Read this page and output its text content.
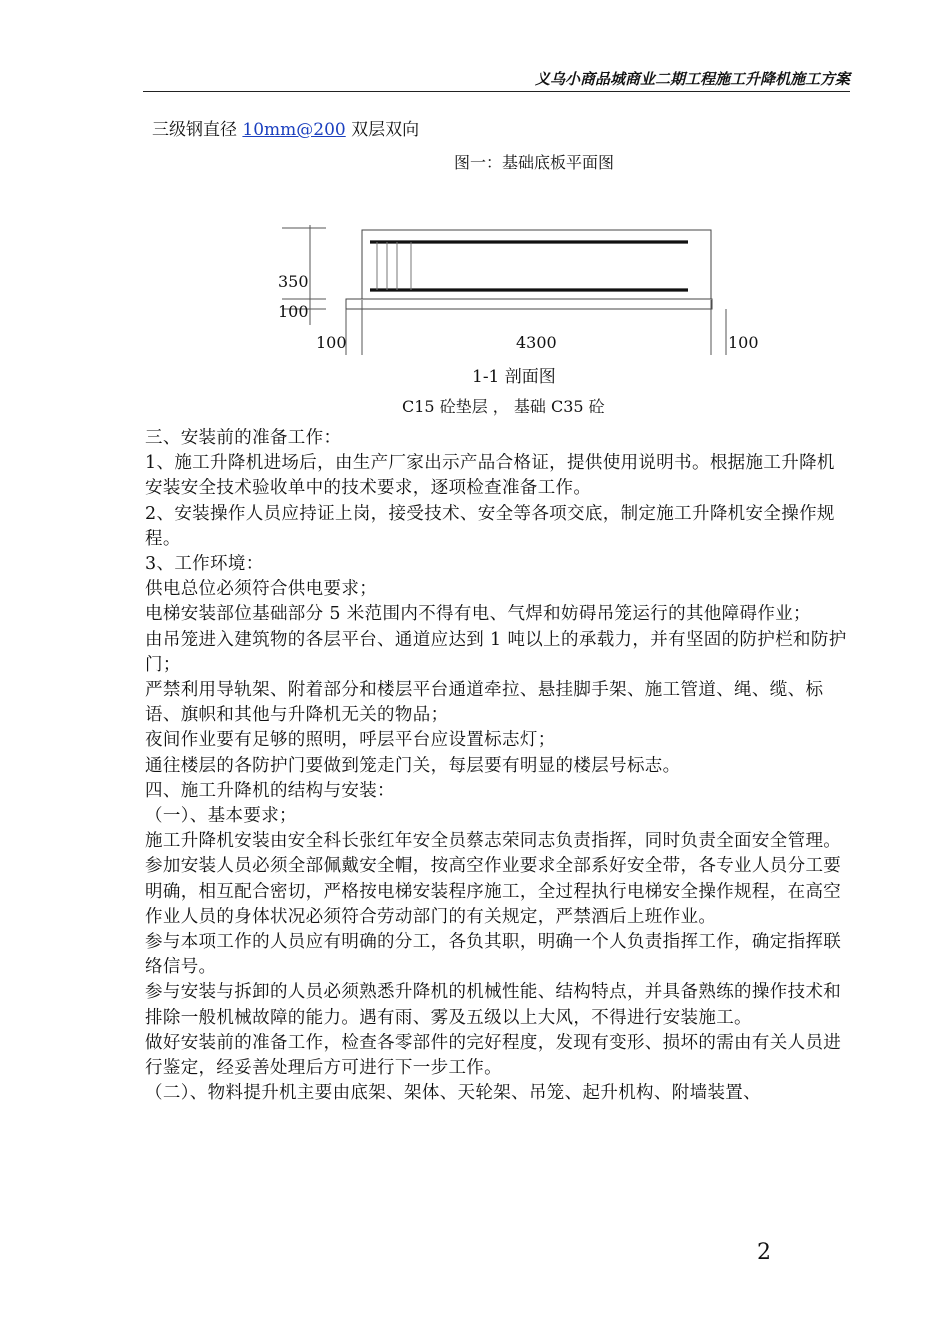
义乌小商品城商业二期工程施工升降机施工方案
三级钢直径 10mm@200 双层双向
图一：基础底板平面图
350
100
100	4300	100
1-1 剖面图
C15 砼垫层 ， 基础 C35 砼

三、安装前的准备工作：

1、施工升降机进场后，由生产厂家出示产品合格证，提供使用说明书。根据施工升降机安装安全技术验收单中的技术要求，逐项检查准备工作。

2、安装操作人员应持证上岗，接受技术、安全等各项交底，制定施工升降机安全操作规程。

3、工作环境：

供电总位必须符合供电要求；

电梯安装部位基础部分 5 米范围内不得有电、气焊和妨碍吊笼运行的其他障碍作业；

由吊笼进入建筑物的各层平台、通道应达到 1 吨以上的承载力，并有坚固的防护栏和防护门；

严禁利用导轨架、附着部分和楼层平台通道牵拉、悬挂脚手架、施工管道、绳、缆、标语、旗帜和其他与升降机无关的物品；

夜间作业要有足够的照明，呼层平台应设置标志灯；

通往楼层的各防护门要做到笼走门关，每层要有明显的楼层号标志。

四、施工升降机的结构与安装：

（一）、基本要求；

施工升降机安装由安全科长张红年安全员蔡志荣同志负责指挥，同时负责全面安全管理。

参加安装人员必须全部佩戴安全帽，按高空作业要求全部系好安全带，各专业人员分工要明确，相互配合密切，严格按电梯安装程序施工，全过程执行电梯安全操作规程，在高空作业人员的身体状况必须符合劳动部门的有关规定，严禁酒后上班作业。

参与本项工作的人员应有明确的分工，各负其职，明确一个人负责指挥工作，确定指挥联络信号。

参与安装与拆卸的人员必须熟悉升降机的机械性能、结构特点，并具备熟练的操作技术和排除一般机械故障的能力。遇有雨、雾及五级以上大风，不得进行安装施工。

做好安装前的准备工作，检查各零部件的完好程度，发现有变形、损坏的需由有关人员进行鉴定，经妥善处理后方可进行下一步工作。

（二）、物料提升机主要由底架、架体、天轮架、吊笼、起升机构、附墙装置、

2
